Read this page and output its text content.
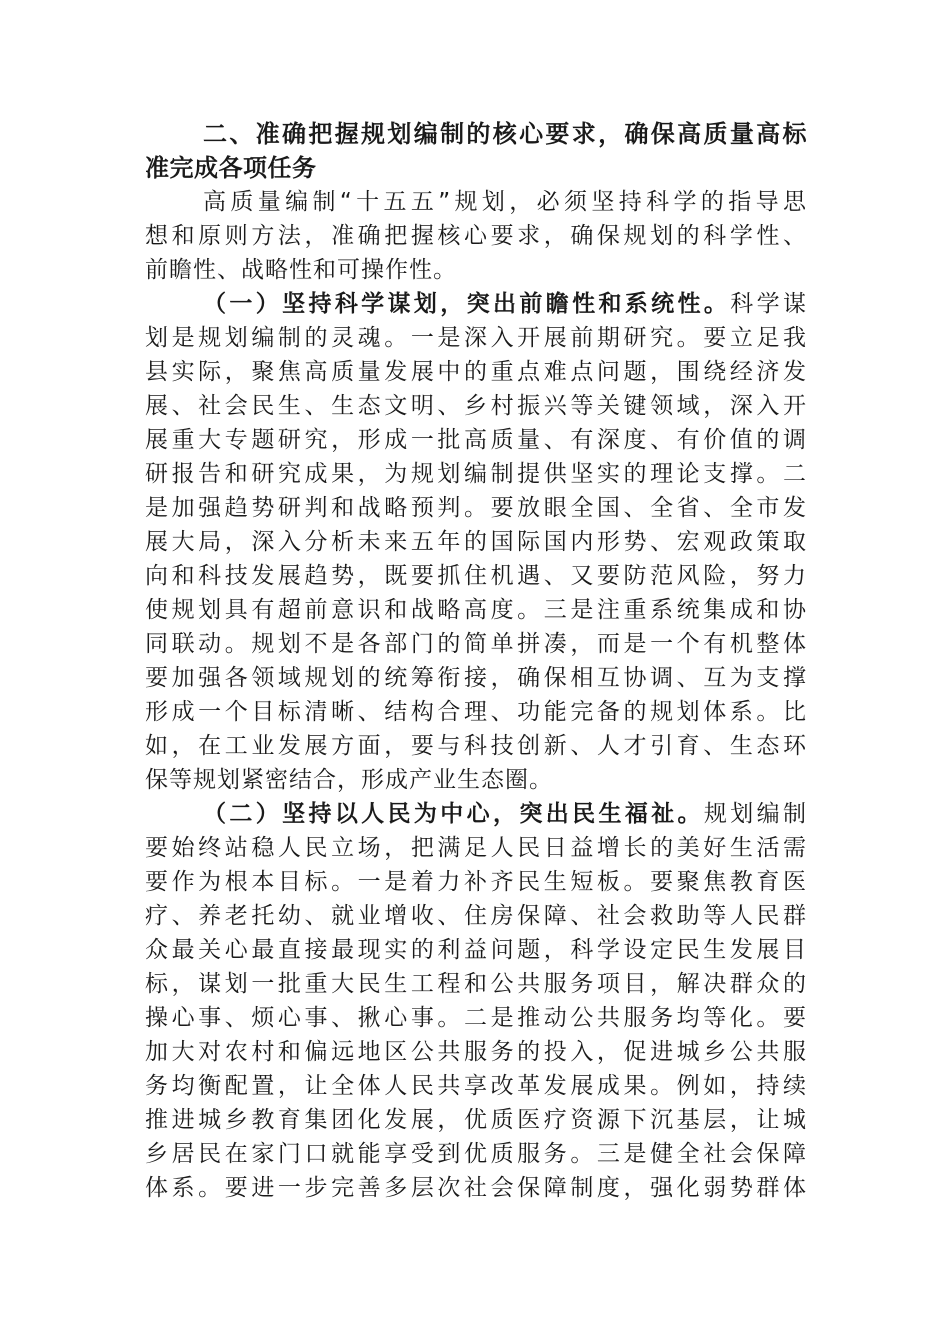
二、准确把握规划编制的核心要求，确保高质量高标
准完成各项任务
高质量编制“十五五”规划，必须坚持科学的指导思
想和原则方法，准确把握核心要求，确保规划的科学性、
前瞻性、战略性和可操作性。
（一）坚持科学谋划，突出前瞻性和系统性。科学谋
划是规划编制的灵魂。一是深入开展前期研究。要立足我
县实际，聚焦高质量发展中的重点难点问题，围绕经济发
展、社会民生、生态文明、乡村振兴等关键领域，深入开
展重大专题研究，形成一批高质量、有深度、有价值的调
研报告和研究成果，为规划编制提供坚实的理论支撑。二
是加强趋势研判和战略预判。要放眼全国、全省、全市发
展大局，深入分析未来五年的国际国内形势、宏观政策取
向和科技发展趋势，既要抓住机遇、又要防范风险，努力
使规划具有超前意识和战略高度。三是注重系统集成和协
同联动。规划不是各部门的简单拼凑，而是一个有机整体
要加强各领域规划的统筹衔接，确保相互协调、互为支撑
形成一个目标清晰、结构合理、功能完备的规划体系。比
如，在工业发展方面，要与科技创新、人才引育、生态环
保等规划紧密结合，形成产业生态圈。
（二）坚持以人民为中心，突出民生福祉。规划编制
要始终站稳人民立场，把满足人民日益增长的美好生活需
要作为根本目标。一是着力补齐民生短板。要聚焦教育医
疗、养老托幼、就业增收、住房保障、社会救助等人民群
众最关心最直接最现实的利益问题，科学设定民生发展目
标，谋划一批重大民生工程和公共服务项目，解决群众的
操心事、烦心事、揪心事。二是推动公共服务均等化。要
加大对农村和偏远地区公共服务的投入，促进城乡公共服
务均衡配置，让全体人民共享改革发展成果。例如，持续
推进城乡教育集团化发展，优质医疗资源下沉基层，让城
乡居民在家门口就能享受到优质服务。三是健全社会保障
体系。要进一步完善多层次社会保障制度，强化弱势群体
